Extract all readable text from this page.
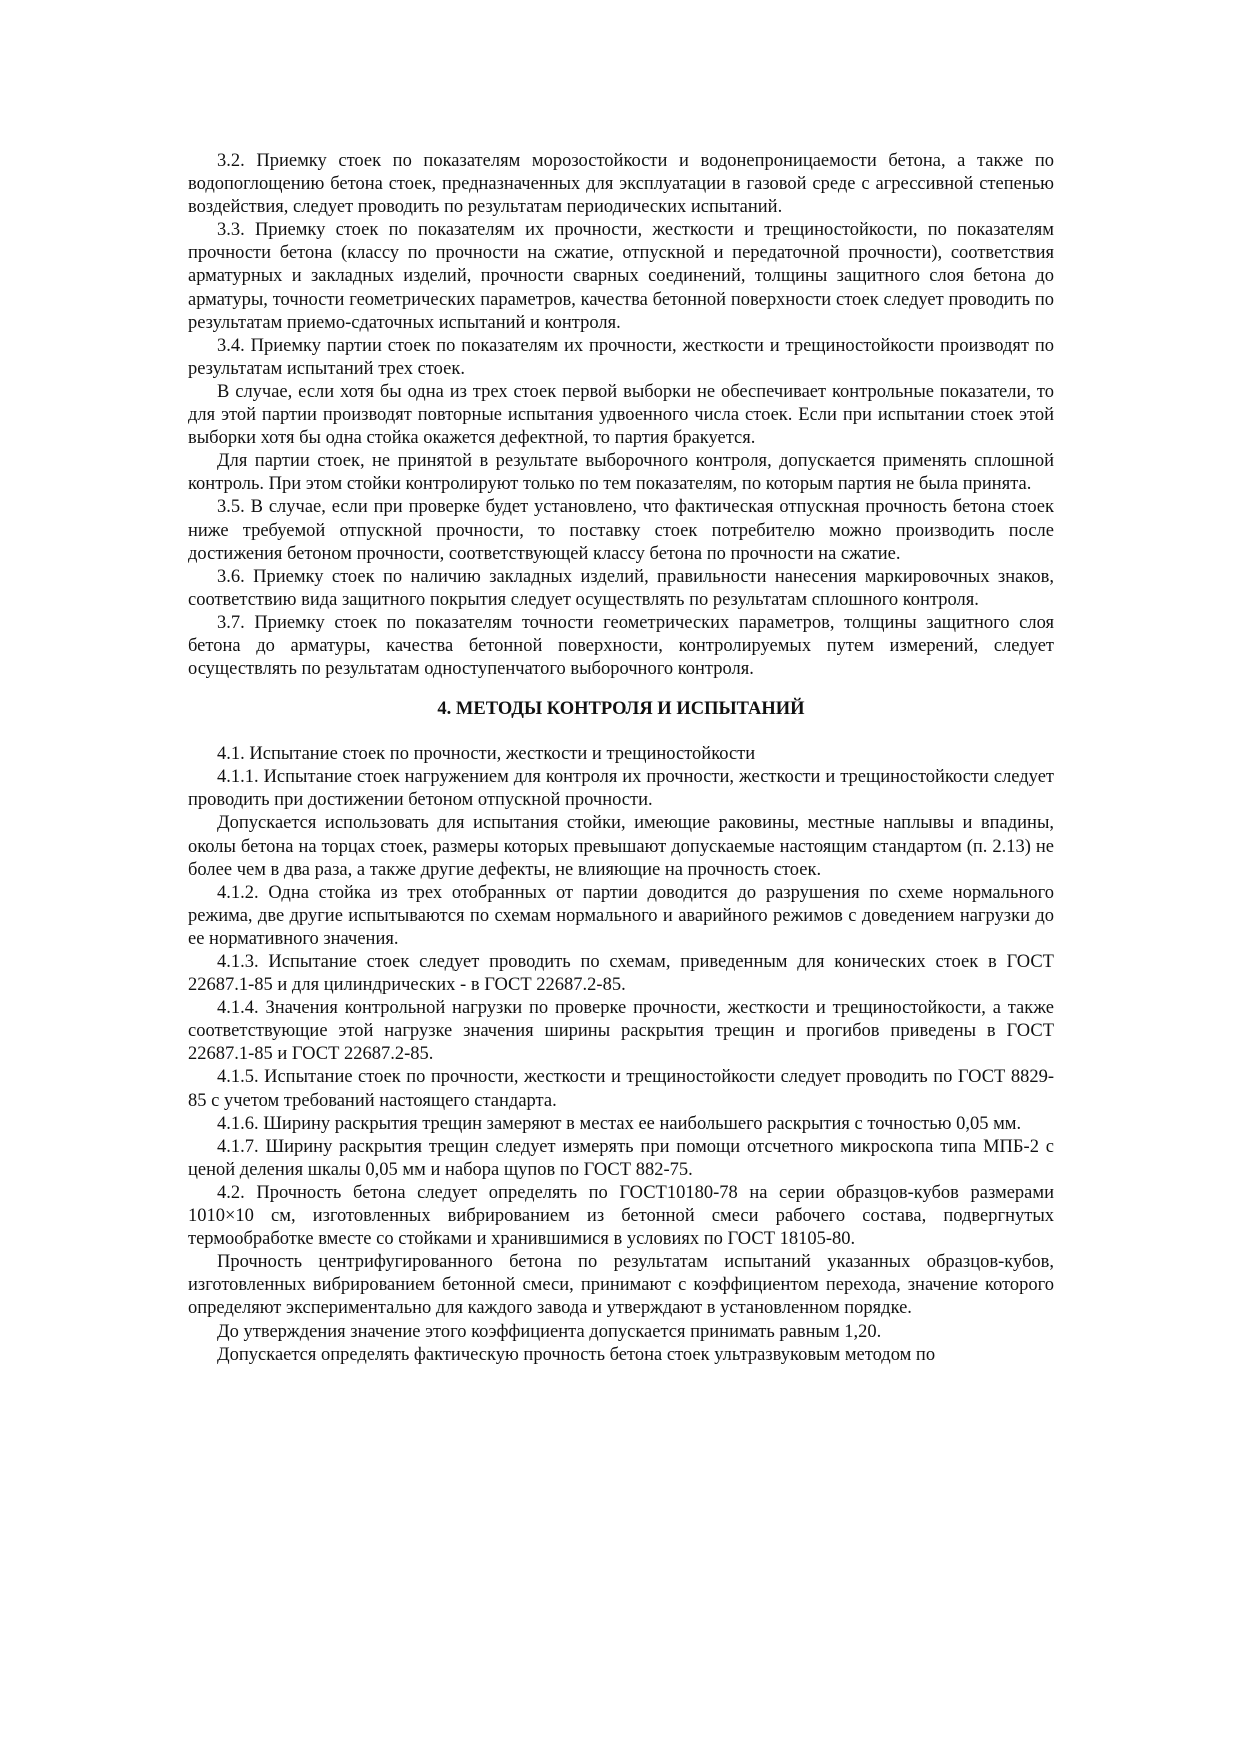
3.2. Приемку стоек по показателям морозостойкости и водонепроницаемости бетона, а также по водопоглощению бетона стоек, предназначенных для эксплуатации в газовой среде с агрессивной степенью воздействия, следует проводить по результатам периодических испытаний.

3.3. Приемку стоек по показателям их прочности, жесткости и трещиностойкости, по показателям прочности бетона (классу по прочности на сжатие, отпускной и передаточной прочности), соответствия арматурных и закладных изделий, прочности сварных соединений, толщины защитного слоя бетона до арматуры, точности геометрических параметров, качества бетонной поверхности стоек следует проводить по результатам приемо-сдаточных испытаний и контроля.

3.4. Приемку партии стоек по показателям их прочности, жесткости и трещиностойкости производят по результатам испытаний трех стоек.

В случае, если хотя бы одна из трех стоек первой выборки не обеспечивает контрольные показатели, то для этой партии производят повторные испытания удвоенного числа стоек. Если при испытании стоек этой выборки хотя бы одна стойка окажется дефектной, то партия бракуется.

Для партии стоек, не принятой в результате выборочного контроля, допускается применять сплошной контроль. При этом стойки контролируют только по тем показателям, по которым партия не была принята.

3.5. В случае, если при проверке будет установлено, что фактическая отпускная прочность бетона стоек ниже требуемой отпускной прочности, то поставку стоек потребителю можно производить после достижения бетоном прочности, соответствующей классу бетона по прочности на сжатие.

3.6. Приемку стоек по наличию закладных изделий, правильности нанесения маркировочных знаков, соответствию вида защитного покрытия следует осуществлять по результатам сплошного контроля.

3.7. Приемку стоек по показателям точности геометрических параметров, толщины защитного слоя бетона до арматуры, качества бетонной поверхности, контролируемых путем измерений, следует осуществлять по результатам одноступенчатого выборочного контроля.

4. МЕТОДЫ КОНТРОЛЯ И ИСПЫТАНИЙ

4.1. Испытание стоек по прочности, жесткости и трещиностойкости

4.1.1. Испытание стоек нагружением для контроля их прочности, жесткости и трещиностойкости следует проводить при достижении бетоном отпускной прочности.

Допускается использовать для испытания стойки, имеющие раковины, местные наплывы и впадины, околы бетона на торцах стоек, размеры которых превышают допускаемые настоящим стандартом (п. 2.13) не более чем в два раза, а также другие дефекты, не влияющие на прочность стоек.

4.1.2. Одна стойка из трех отобранных от партии доводится до разрушения по схеме нормального режима, две другие испытываются по схемам нормального и аварийного режимов с доведением нагрузки до ее нормативного значения.

4.1.3. Испытание стоек следует проводить по схемам, приведенным для конических стоек в ГОСТ 22687.1-85 и для цилиндрических - в ГОСТ 22687.2-85.

4.1.4. Значения контрольной нагрузки по проверке прочности, жесткости и трещиностойкости, а также соответствующие этой нагрузке значения ширины раскрытия трещин и прогибов приведены в ГОСТ 22687.1-85 и ГОСТ 22687.2-85.

4.1.5. Испытание стоек по прочности, жесткости и трещиностойкости следует проводить по ГОСТ 8829-85 с учетом требований настоящего стандарта.

4.1.6. Ширину раскрытия трещин замеряют в местах ее наибольшего раскрытия с точностью 0,05 мм.

4.1.7. Ширину раскрытия трещин следует измерять при помощи отсчетного микроскопа типа МПБ-2 с ценой деления шкалы 0,05 мм и набора щупов по ГОСТ 882-75.

4.2. Прочность бетона следует определять по ГОСТ10180-78 на серии образцов-кубов размерами 1010×10 см, изготовленных вибрированием из бетонной смеси рабочего состава, подвергнутых термообработке вместе со стойками и хранившимися в условиях по ГОСТ 18105-80.

Прочность центрифугированного бетона по результатам испытаний указанных образцов-кубов, изготовленных вибрированием бетонной смеси, принимают с коэффициентом перехода, значение которого определяют экспериментально для каждого завода и утверждают в установленном порядке.

До утверждения значение этого коэффициента допускается принимать равным 1,20.

Допускается определять фактическую прочность бетона стоек ультразвуковым методом по
